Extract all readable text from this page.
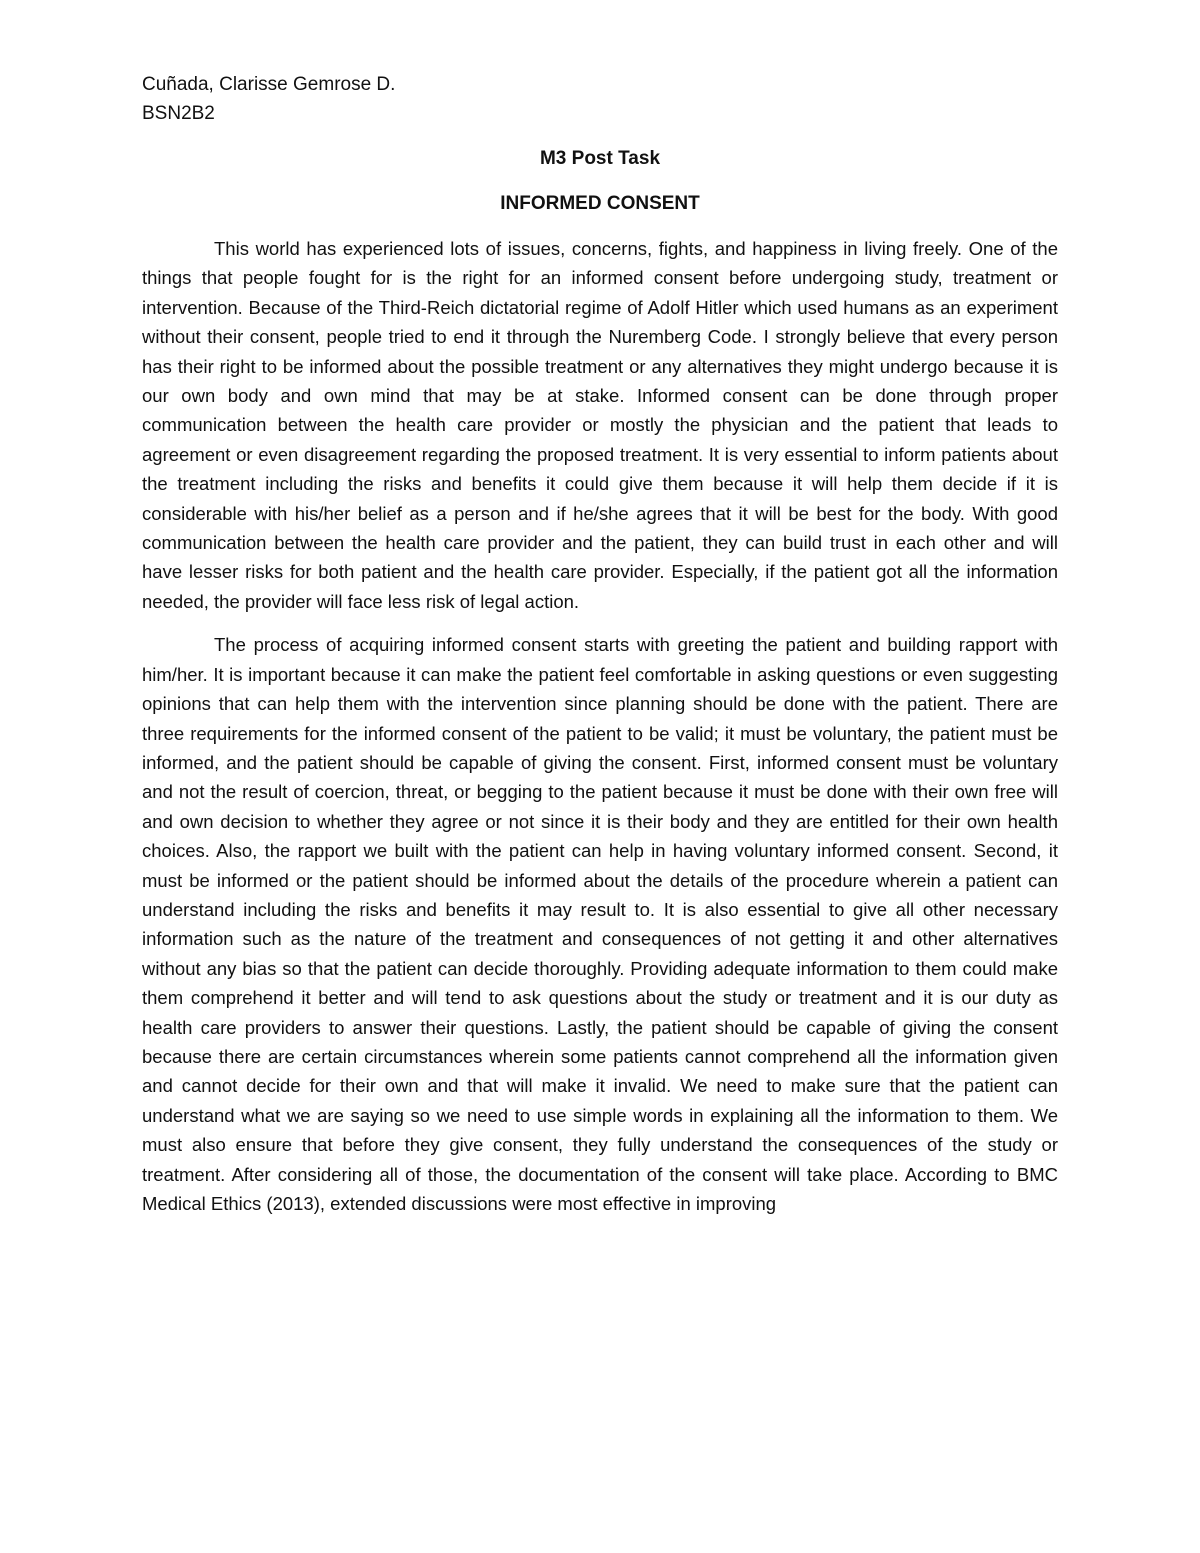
Cuñada, Clarisse Gemrose D.

BSN2B2

M3 Post Task
INFORMED CONSENT

This world has experienced lots of issues, concerns, fights, and happiness in living freely. One of the things that people fought for is the right for an informed consent before undergoing study, treatment or intervention. Because of the Third-Reich dictatorial regime of Adolf Hitler which used humans as an experiment without their consent, people tried to end it through the Nuremberg Code. I strongly believe that every person has their right to be informed about the possible treatment or any alternatives they might undergo because it is our own body and own mind that may be at stake. Informed consent can be done through proper communication between the health care provider or mostly the physician and the patient that leads to agreement or even disagreement regarding the proposed treatment. It is very essential to inform patients about the treatment including the risks and benefits it could give them because it will help them decide if it is considerable with his/her belief as a person and if he/she agrees that it will be best for the body. With good communication between the health care provider and the patient, they can build trust in each other and will have lesser risks for both patient and the health care provider. Especially, if the patient got all the information needed, the provider will face less risk of legal action.

The process of acquiring informed consent starts with greeting the patient and building rapport with him/her. It is important because it can make the patient feel comfortable in asking questions or even suggesting opinions that can help them with the intervention since planning should be done with the patient. There are three requirements for the informed consent of the patient to be valid; it must be voluntary, the patient must be informed, and the patient should be capable of giving the consent. First, informed consent must be voluntary and not the result of coercion, threat, or begging to the patient because it must be done with their own free will and own decision to whether they agree or not since it is their body and they are entitled for their own health choices. Also, the rapport we built with the patient can help in having voluntary informed consent. Second, it must be informed or the patient should be informed about the details of the procedure wherein a patient can understand including the risks and benefits it may result to. It is also essential to give all other necessary information such as the nature of the treatment and consequences of not getting it and other alternatives without any bias so that the patient can decide thoroughly. Providing adequate information to them could make them comprehend it better and will tend to ask questions about the study or treatment and it is our duty as health care providers to answer their questions. Lastly, the patient should be capable of giving the consent because there are certain circumstances wherein some patients cannot comprehend all the information given and cannot decide for their own and that will make it invalid. We need to make sure that the patient can understand what we are saying so we need to use simple words in explaining all the information to them. We must also ensure that before they give consent, they fully understand the consequences of the study or treatment. After considering all of those, the documentation of the consent will take place. According to BMC Medical Ethics (2013), extended discussions were most effective in improving
